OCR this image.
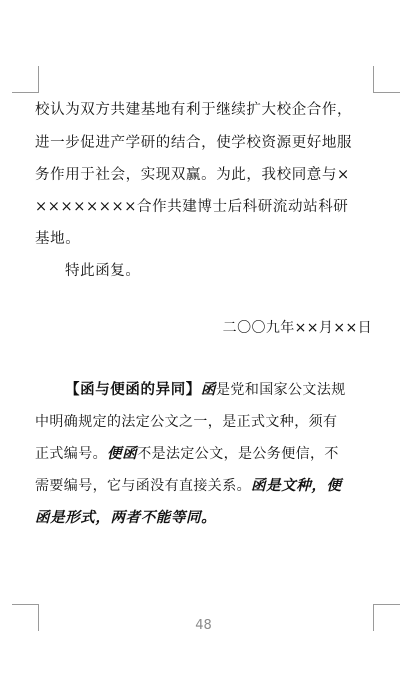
校认为双方共建基地有利于继续扩大校企合作，
进一步促进产学研的结合，使学校资源更好地服
务作用于社会，实现双赢。为此，我校同意与×
××××××××合作共建博士后科研流动站科研
基地。
特此函复。
二〇〇九年××月××日
【函与便函的异同】函是党和国家公文法规
中明确规定的法定公文之一，是正式文种，须有
正式编号。便函不是法定公文，是公务便信，不
需要编号，它与函没有直接关系。函是文种，便
函是形式，两者不能等同。
48
